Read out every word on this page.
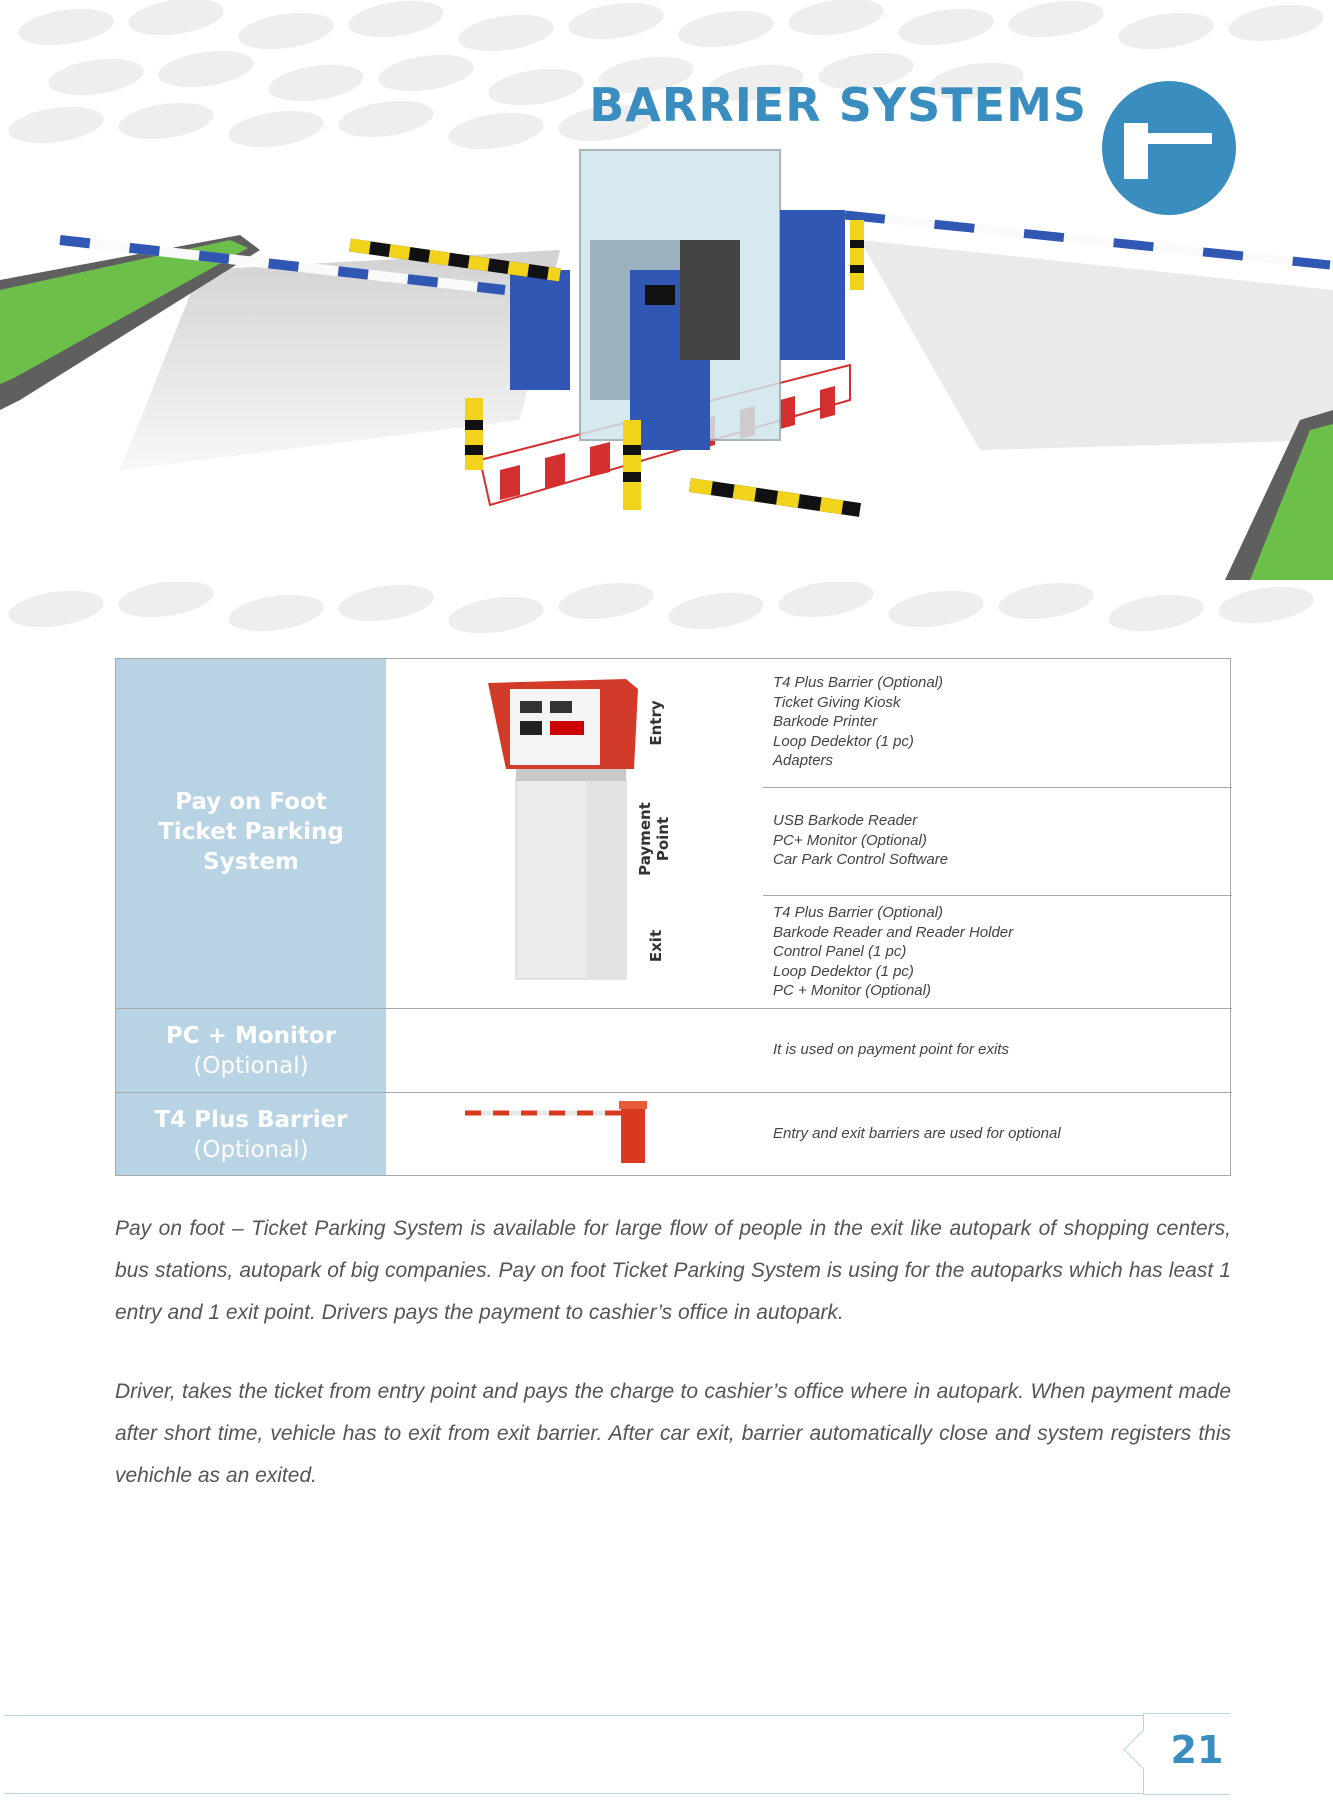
BARRIER SYSTEMS
Pay on Foot
Ticket Parking
System
Entry
Payment Point
Exit
T4 Plus Barrier (Optional)
Ticket Giving Kiosk
Barkode Printer
Loop Dedektor (1 pc)
Adapters
USB Barkode Reader
PC+ Monitor (Optional)
Car Park Control Software
T4 Plus Barrier (Optional)
Barkode Reader and Reader Holder
Control Panel (1 pc)
Loop Dedektor (1 pc)
PC + Monitor (Optional)
PC + Monitor
(Optional)
It is used on payment point for exits
T4 Plus Barrier
(Optional)
Entry and exit barriers are used for optional

Pay on foot – Ticket Parking System is available for large flow of people in the exit like autopark of shopping centers, bus stations, autopark of big companies. Pay on foot Ticket Parking System is using for the autoparks which has least 1 entry and 1 exit point. Drivers pays the payment to cashier’s office in autopark.

Driver, takes the ticket from entry point and pays the charge to cashier’s office where in autopark. When payment made after short time, vehicle has to exit from exit barrier. After car exit, barrier automatically close and system registers this vehichle as an exited.

21
